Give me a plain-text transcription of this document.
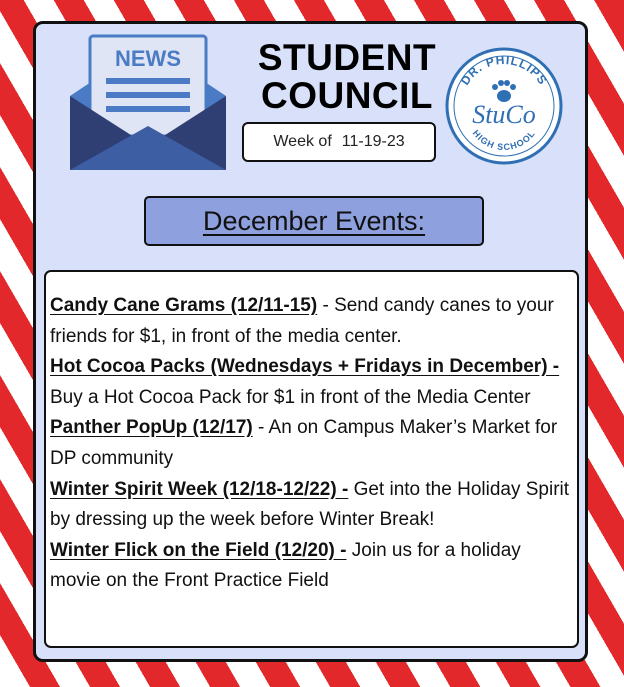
NEWS	STUDENT
COUNCIL
Week of 11-19-23
DR. PHILLIPS
HIGH SCHOOL
StuCo
December Events:

Candy Cane Grams (12/11-15) - Send candy canes to your friends for $1, in front of the media center.

Hot Cocoa Packs (Wednesdays + Fridays in December) - Buy a Hot Cocoa Pack for $1 in front of the Media Center

Panther PopUp (12/17) - An on Campus Maker’s Market for DP community

Winter Spirit Week (12/18-12/22) - Get into the Holiday Spirit by dressing up the week before Winter Break!

Winter Flick on the Field (12/20) - Join us for a holiday movie on the Front Practice Field
